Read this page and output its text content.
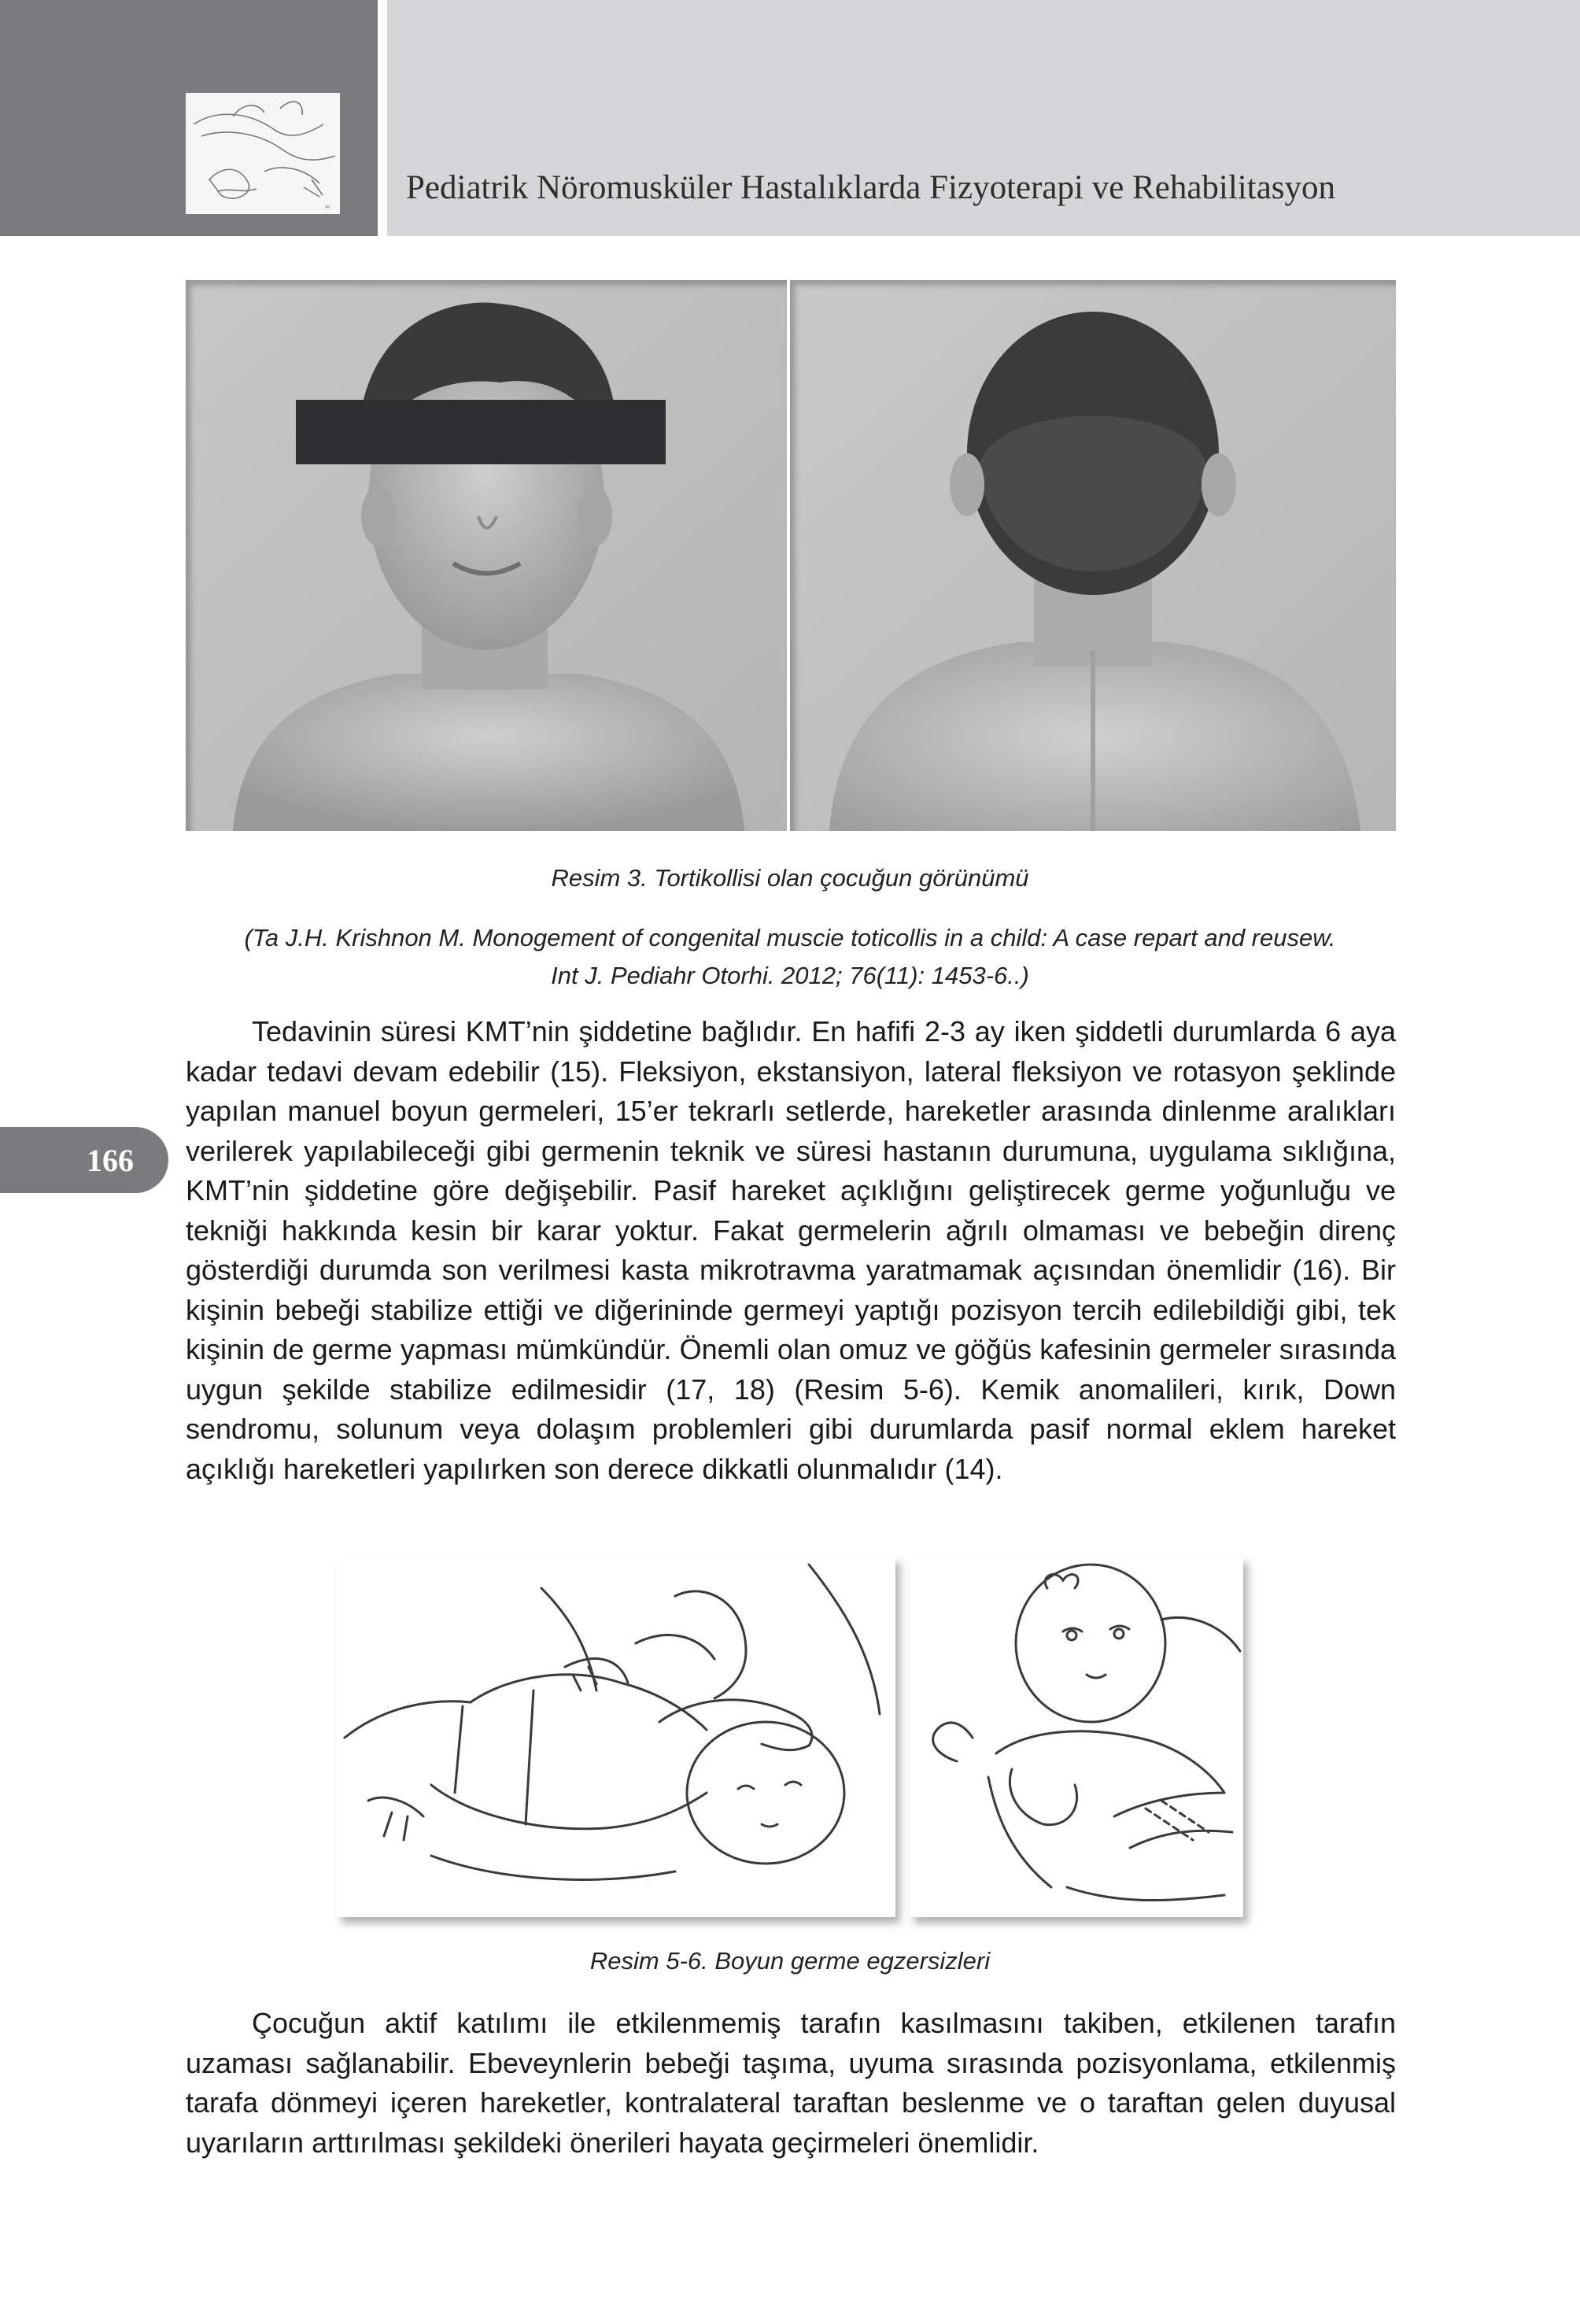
≈
Pediatrik Nöromusküler Hastalıklarda Fizyoterapi ve Rehabilitasyon
166
Resim 3. Tortikollisi olan çocuğun görünümü
(Ta J.H. Krishnon M. Monogement of congenital muscie toticollis in a child: A case repart and reusew.
Int J. Pediahr Otorhi. 2012; 76(11): 1453-6..)

Tedavinin süresi KMT’nin şiddetine bağlıdır. En hafifi 2-3 ay iken şiddetli durumlarda 6 aya kadar tedavi devam edebilir (15). Fleksiyon, ekstansiyon, lateral fleksiyon ve rotasyon şeklinde yapılan manuel boyun germeleri, 15’er tekrarlı setlerde, hareketler arasında dinlenme aralıkları verilerek yapılabileceği gibi germenin teknik ve süresi hastanın durumuna, uygulama sıklığına, KMT’nin şiddetine göre değişebilir. Pasif hareket açıklığını geliştirecek germe yoğunluğu ve tekniği hakkında kesin bir karar yoktur. Fakat germelerin ağrılı olmaması ve bebeğin direnç gösterdiği durumda son verilmesi kasta mikrotravma yaratmamak açısından önemlidir (16). Bir kişinin bebeği stabilize ettiği ve diğerininde germeyi yaptığı pozisyon tercih edilebildiği gibi, tek kişinin de germe yapması mümkündür. Önemli olan omuz ve göğüs kafesinin germeler sırasında uygun şekilde stabilize edilmesidir (17, 18) (Resim 5-6). Kemik anomalileri, kırık, Down sendromu, solunum veya dolaşım problemleri gibi durumlarda pasif normal eklem hareket açıklığı hareketleri yapılırken son derece dikkatli olunmalıdır (14).

Resim 5-6. Boyun germe egzersizleri

Çocuğun aktif katılımı ile etkilenmemiş tarafın kasılmasını takiben, etkilenen tarafın uzaması sağlanabilir. Ebeveynlerin bebeği taşıma, uyuma sırasında pozisyonlama, etkilenmiş tarafa dönmeyi içeren hareketler, kontralateral taraftan beslenme ve o taraftan gelen duyusal uyarıların arttırılması şekildeki önerileri hayata geçirmeleri önemlidir.
